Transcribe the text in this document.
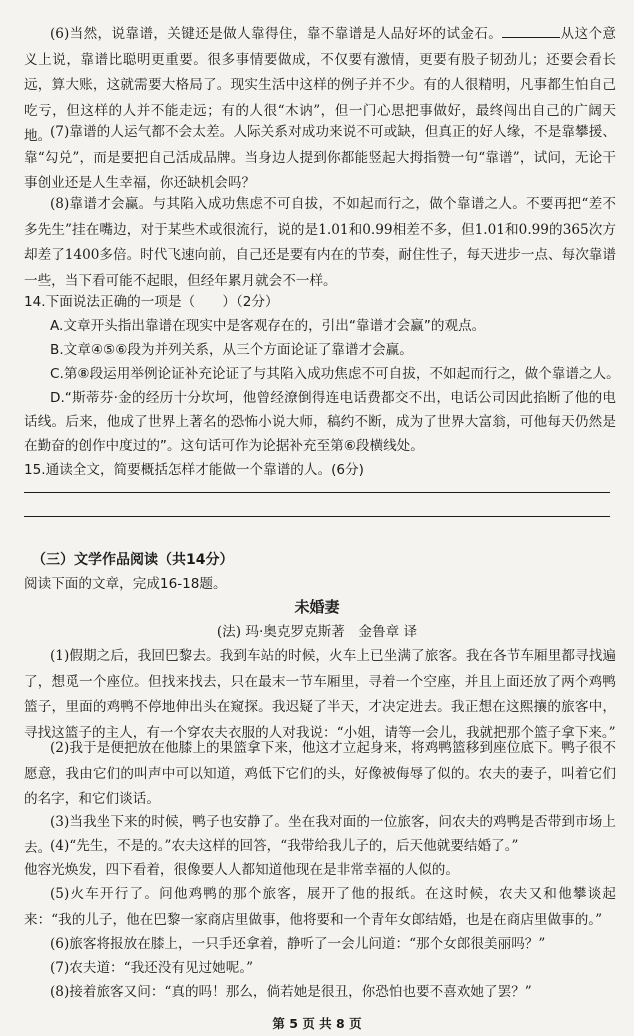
(6)当然，说靠谱，关键还是做人靠得住，靠不靠谱是人品好坏的试金石。	从这个意义上说，靠谱比聪明更重要。很多事情要做成，不仅要有激情，更要有股子韧劲儿；还要会看长远，算大账，这就需要大格局了。现实生活中这样的例子并不少。有的人很精明，凡事都生怕自己吃亏，但这样的人并不能走远；有的人很“木讷”，但一门心思把事做好，最终闯出自己的广阔天地。

(7)靠谱的人运气都不会太差。人际关系对成功来说不可或缺，但真正的好人缘，不是靠攀援、靠“勾兑”，而是要把自己活成品牌。当身边人提到你都能竖起大拇指赞一句“靠谱”，试问，无论干事创业还是人生幸福，你还缺机会吗？

(8)靠谱才会赢。与其陷入成功焦虑不可自拔，不如起而行之，做个靠谱之人。不要再把“差不多先生”挂在嘴边，对于某些术或很流行，说的是1.01和0.99相差不多，但1.01和0.99的365次方却差了1400多倍。时代飞速向前，自己还是要有内在的节奏，耐住性子，每天进步一点、每次靠谱一些，当下看可能不起眼，但经年累月就会不一样。

14.下面说法正确的一项是（　　）（2分）

A.文章开头指出靠谱在现实中是客观存在的，引出“靠谱才会赢”的观点。

B.文章④⑤⑥段为并列关系，从三个方面论证了靠谱才会赢。

C.第⑧段运用举例论证补充论证了与其陷入成功焦虑不可自拔，不如起而行之，做个靠谱之人。

D.“斯蒂芬·金的经历十分坎坷，他曾经潦倒得连电话费都交不出，电话公司因此掐断了他的电话线。后来，他成了世界上著名的恐怖小说大师，稿约不断，成为了世界大富翁，可他每天仍然是在勤奋的创作中度过的”。这句话可作为论据补充至第⑥段横线处。

15.通读全文，简要概括怎样才能做一个靠谱的人。(6分)

（三）文学作品阅读（共14分）

阅读下面的文章，完成16-18题。

未婚妻

(法) 玛·奥克罗克斯著　金鲁章 译

(1)假期之后，我回巴黎去。我到车站的时候，火车上已坐满了旅客。我在各节车厢里都寻找遍了，想觅一个座位。但找来找去，只在最末一节车厢里，寻着一个空座，并且上面还放了两个鸡鸭篮子，里面的鸡鸭不停地伸出头在窥探。我迟疑了半天，才决定进去。我正想在这熙攘的旅客中，寻找这篮子的主人，有一个穿农夫衣服的人对我说：“小姐，请等一会儿，我就把那个篮子拿下来。”

(2)我于是便把放在他膝上的果篮拿下来，他这才立起身来，将鸡鸭篮移到座位底下。鸭子很不愿意，我由它们的叫声中可以知道，鸡低下它们的头，好像被侮辱了似的。农夫的妻子，叫着它们的名字，和它们谈话。

(3)当我坐下来的时候，鸭子也安静了。坐在我对面的一位旅客，问农夫的鸡鸭是否带到市场上去。

(4)“先生，不是的。”农夫这样的回答，“我带给我儿子的，后天他就要结婚了。”

他容光焕发，四下看着，很像要人人都知道他现在是非常幸福的人似的。

(5)火车开行了。问他鸡鸭的那个旅客，展开了他的报纸。在这时候，农夫又和他攀谈起来：“我的儿子，他在巴黎一家商店里做事，他将要和一个青年女郎结婚，也是在商店里做事的。”

(6)旅客将报放在膝上，一只手还拿着，静听了一会儿问道：“那个女郎很美丽吗？”

(7)农夫道：“我还没有见过她呢。”

(8)接着旅客又问：“真的吗！那么，倘若她是很丑，你恐怕也要不喜欢她了罢？”

第 5 页 共 8 页
